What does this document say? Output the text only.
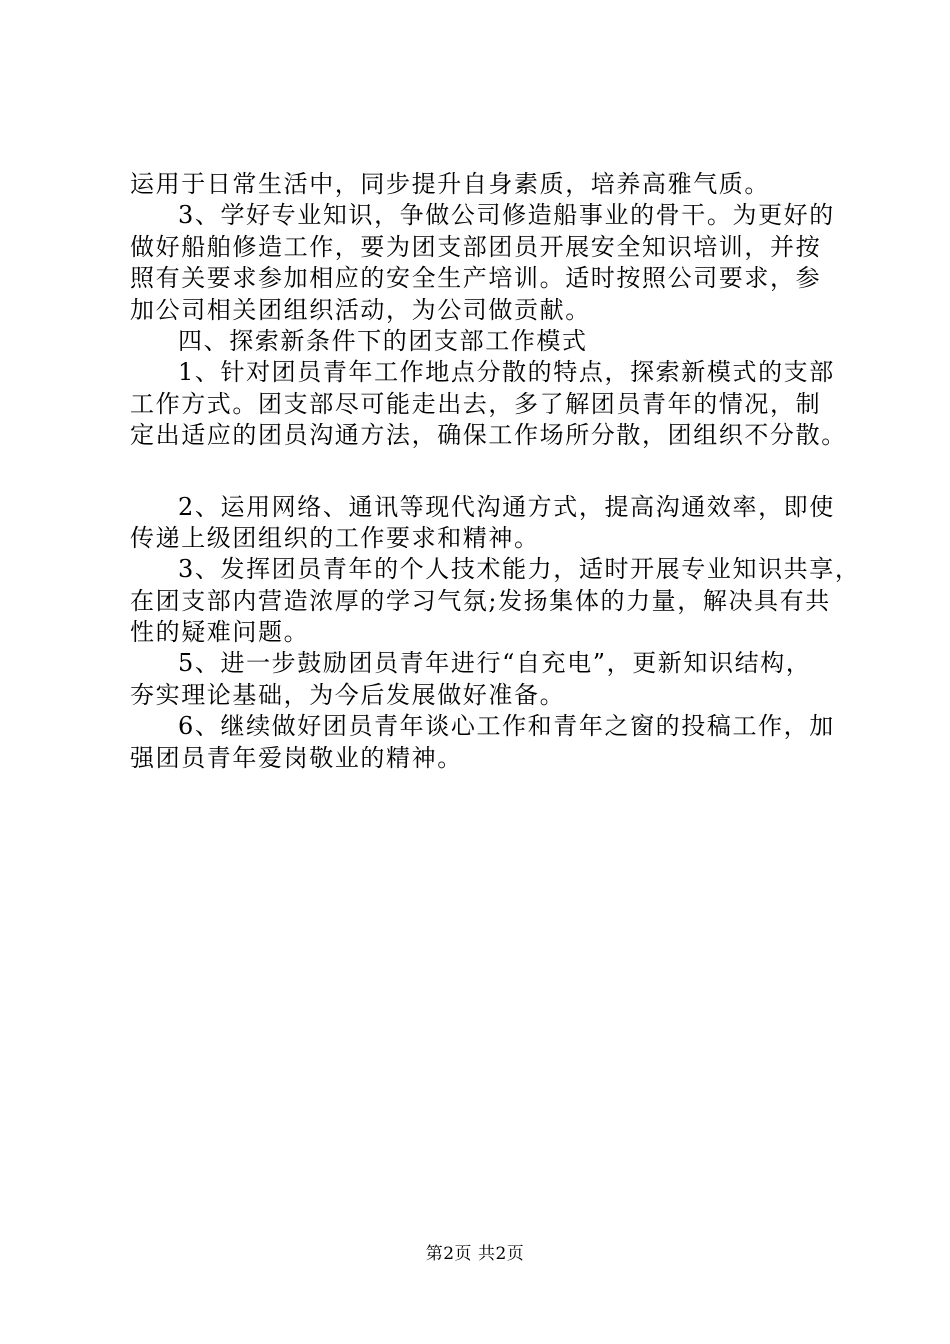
运用于日常生活中，同步提升自身素质，培养高雅气质。
3、学好专业知识，争做公司修造船事业的骨干。为更好的
做好船舶修造工作，要为团支部团员开展安全知识培训，并按
照有关要求参加相应的安全生产培训。适时按照公司要求，参
加公司相关团组织活动，为公司做贡献。
四、探索新条件下的团支部工作模式
1、针对团员青年工作地点分散的特点，探索新模式的支部
工作方式。团支部尽可能走出去，多了解团员青年的情况，制
定出适应的团员沟通方法，确保工作场所分散，团组织不分散。
2、运用网络、通讯等现代沟通方式，提高沟通效率，即使
传递上级团组织的工作要求和精神。
3、发挥团员青年的个人技术能力，适时开展专业知识共享，
在团支部内营造浓厚的学习气氛;发扬集体的力量，解决具有共
性的疑难问题。
5、进一步鼓励团员青年进行“自充电”，更新知识结构，
夯实理论基础，为今后发展做好准备。
6、继续做好团员青年谈心工作和青年之窗的投稿工作，加
强团员青年爱岗敬业的精神。
第2页 共2页
